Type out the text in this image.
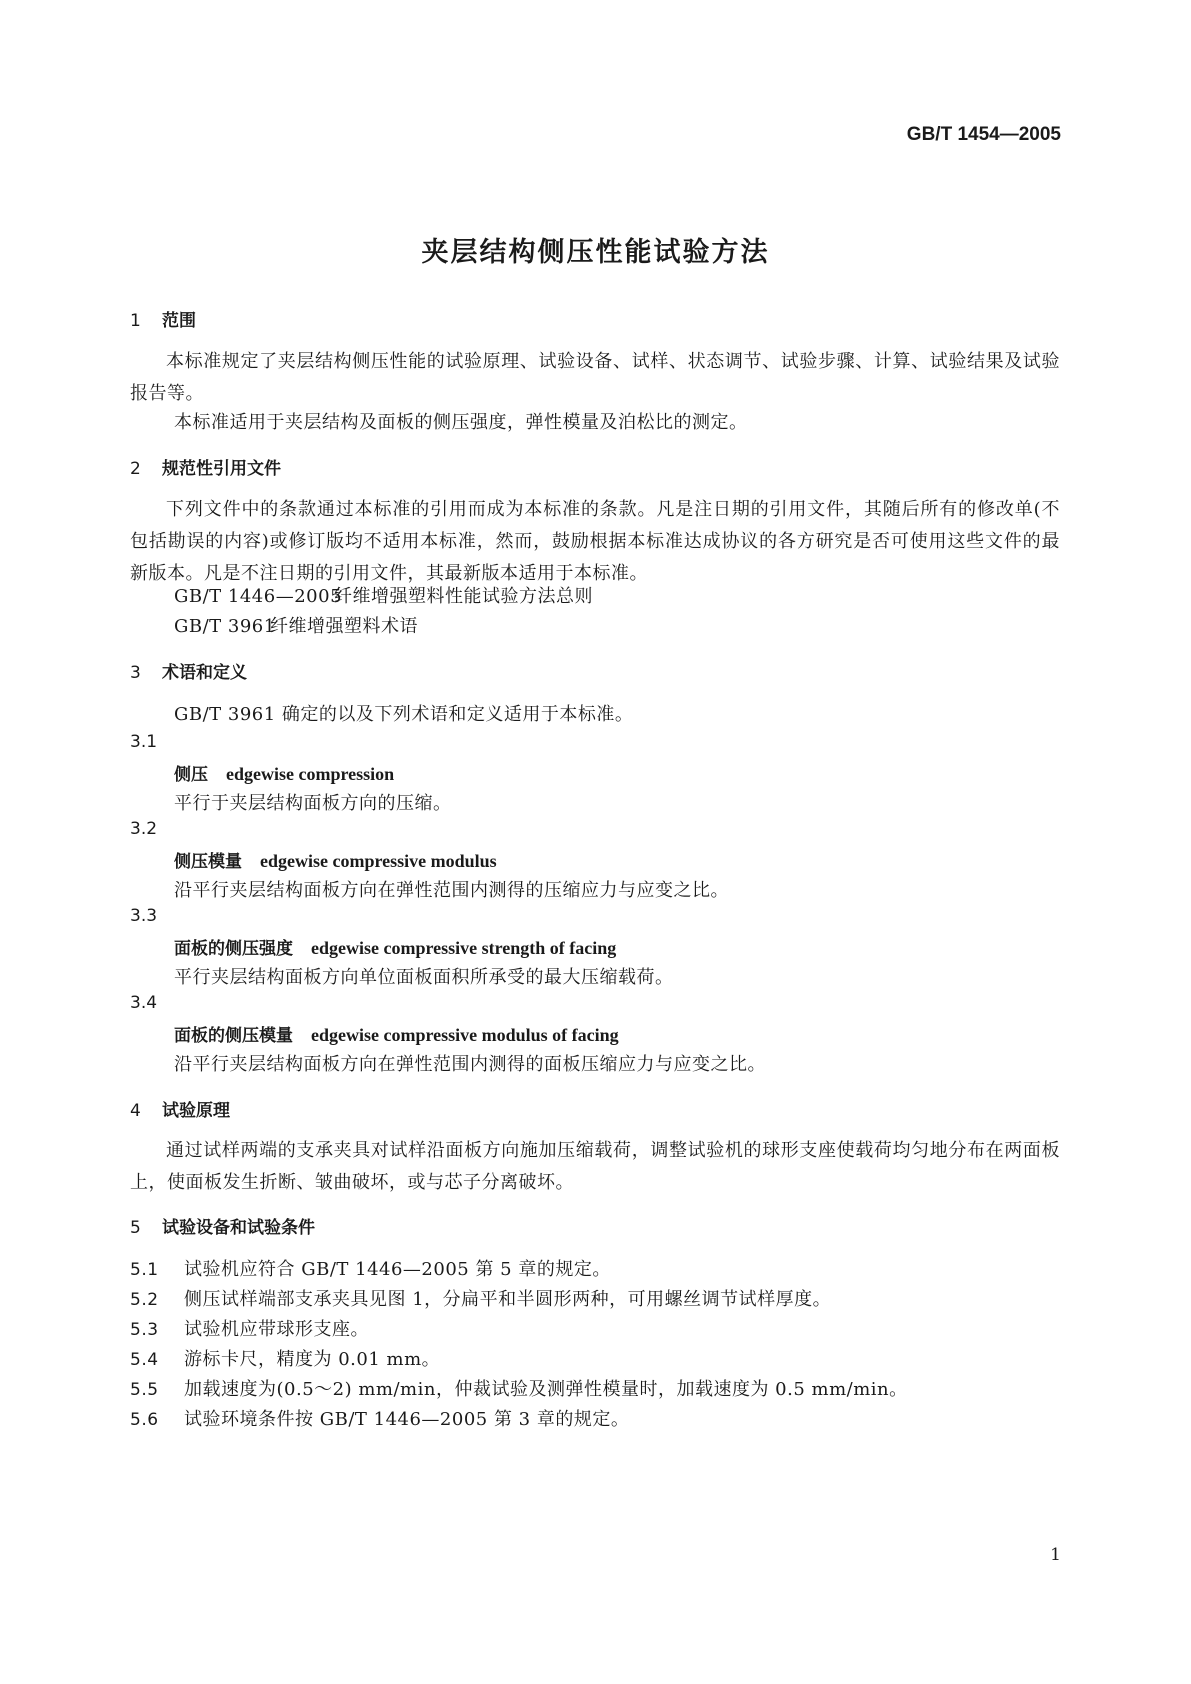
GB/T 1454—2005
夹层结构侧压性能试验方法
1 范围
本标准规定了夹层结构侧压性能的试验原理、试验设备、试样、状态调节、试验步骤、计算、试验结果及试验报告等。
本标准适用于夹层结构及面板的侧压强度，弹性模量及泊松比的测定。
2 规范性引用文件
下列文件中的条款通过本标准的引用而成为本标准的条款。凡是注日期的引用文件，其随后所有的修改单(不包括勘误的内容)或修订版均不适用本标准，然而，鼓励根据本标准达成协议的各方研究是否可使用这些文件的最新版本。凡是不注日期的引用文件，其最新版本适用于本标准。
GB/T 1446—2005纤维增强塑料性能试验方法总则
GB/T 3961纤维增强塑料术语
3 术语和定义
GB/T 3961 确定的以及下列术语和定义适用于本标准。
3.1
侧压 edgewise compression
平行于夹层结构面板方向的压缩。
3.2
侧压模量 edgewise compressive modulus
沿平行夹层结构面板方向在弹性范围内测得的压缩应力与应变之比。
3.3
面板的侧压强度 edgewise compressive strength of facing
平行夹层结构面板方向单位面板面积所承受的最大压缩载荷。
3.4
面板的侧压模量 edgewise compressive modulus of facing
沿平行夹层结构面板方向在弹性范围内测得的面板压缩应力与应变之比。
4 试验原理
通过试样两端的支承夹具对试样沿面板方向施加压缩载荷，调整试验机的球形支座使载荷均匀地分布在两面板上，使面板发生折断、皱曲破坏，或与芯子分离破坏。
5 试验设备和试验条件
5.1 试验机应符合 GB/T 1446—2005 第 5 章的规定。
5.2 侧压试样端部支承夹具见图 1，分扁平和半圆形两种，可用螺丝调节试样厚度。
5.3 试验机应带球形支座。
5.4 游标卡尺，精度为 0.01 mm。
5.5 加载速度为(0.5～2) mm/min，仲裁试验及测弹性模量时，加载速度为 0.5 mm/min。
5.6 试验环境条件按 GB/T 1446—2005 第 3 章的规定。
1
